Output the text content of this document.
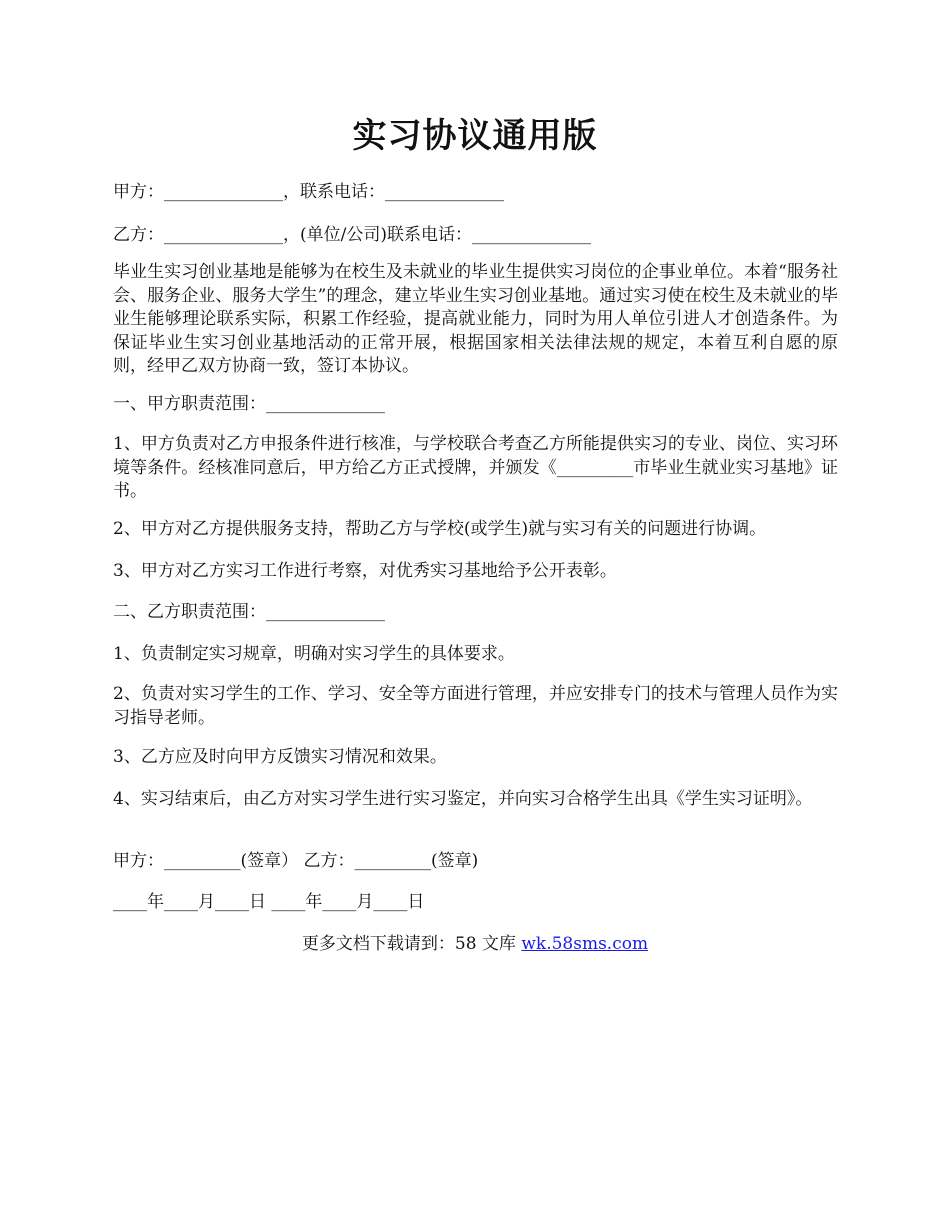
实习协议通用版

甲方：______________，联系电话：______________

乙方：______________，(单位/公司)联系电话：______________

毕业生实习创业基地是能够为在校生及未就业的毕业生提供实习岗位的企事业单位。本着“服务社会、服务企业、服务大学生”的理念，建立毕业生实习创业基地。通过实习使在校生及未就业的毕业生能够理论联系实际，积累工作经验，提高就业能力，同时为用人单位引进人才创造条件。为保证毕业生实习创业基地活动的正常开展，根据国家相关法律法规的规定，本着互利自愿的原则，经甲乙双方协商一致，签订本协议。

一、甲方职责范围：______________

1、甲方负责对乙方申报条件进行核准，与学校联合考查乙方所能提供实习的专业、岗位、实习环境等条件。经核准同意后，甲方给乙方正式授牌，并颁发《_________市毕业生就业实习基地》证书。

2、甲方对乙方提供服务支持，帮助乙方与学校(或学生)就与实习有关的问题进行协调。

3、甲方对乙方实习工作进行考察，对优秀实习基地给予公开表彰。

二、乙方职责范围：______________

1、负责制定实习规章，明确对实习学生的具体要求。

2、负责对实习学生的工作、学习、安全等方面进行管理，并应安排专门的技术与管理人员作为实习指导老师。

3、乙方应及时向甲方反馈实习情况和效果。

4、实习结束后，由乙方对实习学生进行实习鉴定，并向实习合格学生出具《学生实习证明》。

甲方：_________(签章） 乙方：_________(签章)

____年____月____日 ____年____月____日

更多文档下载请到：58 文库 wk.58sms.com
